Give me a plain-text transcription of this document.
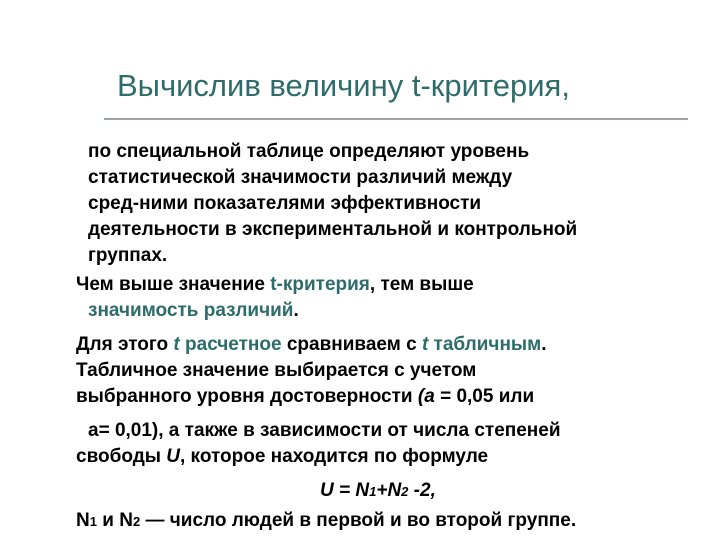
Вычислив величину t-критерия,
по специальной таблице определяют уровень
статистической значимости различий между
сред-ними показателями эффективности
деятельности в экспериментальной и контрольной
группах.
Чем выше значение t-критерия, тем выше
значимость различий.
Для этого t расчетное сравниваем с t табличным.
Табличное значение выбирается с учетом
выбранного уровня достоверности (а = 0,05 или
а= 0,01), а также в зависимости от числа степеней
свободы U, которое находится по формуле
U = N1+N2 -2,
N1 и N2 — число людей в первой и во второй группе.
